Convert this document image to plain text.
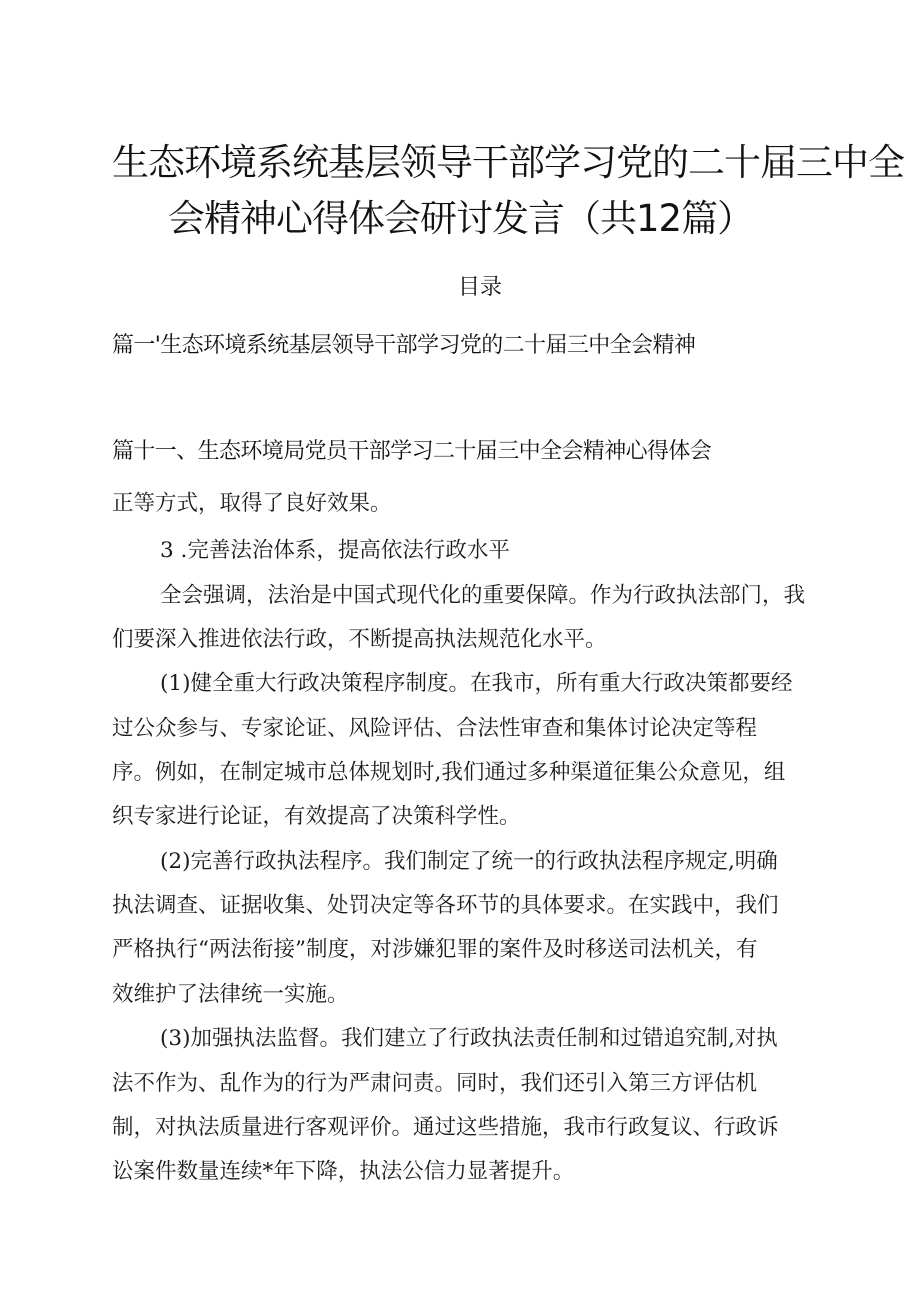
生态环境系统基层领导干部学习党的二十届三中全
会精神心得体会研讨发言（共12篇）
目录
篇一'生态环境系统基层领导干部学习党的二十届三中全会精神
篇十一、生态环境局党员干部学习二十届三中全会精神心得体会
正等方式，取得了良好效果。
3 .完善法治体系，提高依法行政水平
全会强调，法治是中国式现代化的重要保障。作为行政执法部门，我
们要深入推进依法行政，不断提高执法规范化水平。
(1)健全重大行政决策程序制度。在我市，所有重大行政决策都要经
过公众参与、专家论证、风险评估、合法性审查和集体讨论决定等程
序。例如，在制定城市总体规划时,我们通过多种渠道征集公众意见，组
织专家进行论证，有效提高了决策科学性。
(2)完善行政执法程序。我们制定了统一的行政执法程序规定,明确
执法调查、证据收集、处罚决定等各环节的具体要求。在实践中，我们
严格执行“两法衔接”制度，对涉嫌犯罪的案件及时移送司法机关，有
效维护了法律统一实施。
(3)加强执法监督。我们建立了行政执法责任制和过错追究制,对执
法不作为、乱作为的行为严肃问责。同时，我们还引入第三方评估机
制，对执法质量进行客观评价。通过这些措施，我市行政复议、行政诉
讼案件数量连续*年下降，执法公信力显著提升。
